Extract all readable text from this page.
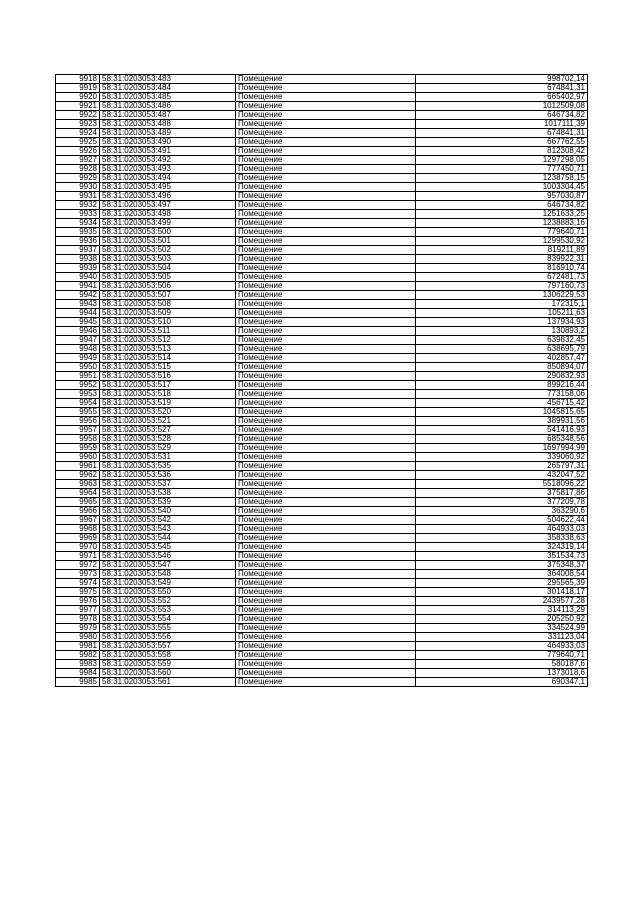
9918	58:31:0203053:483	Помещение	998702,14
9919	58:31:0203053:484	Помещение	674841,31
9920	58:31:0203053:485	Помещение	665402,97
9921	58:31:0203053:486	Помещение	1012509,08
9922	58:31:0203053:487	Помещение	646734,82
9923	58:31:0203053:488	Помещение	1017111,39
9924	58:31:0203053:489	Помещение	674841,31
9925	58:31:0203053:490	Помещение	667762,55
9926	58:31:0203053:491	Помещение	812308,42
9927	58:31:0203053:492	Помещение	1297298,05
9928	58:31:0203053:493	Помещение	777450,71
9929	58:31:0203053:494	Помещение	1238758,15
9930	58:31:0203053:495	Помещение	1003304,45
9931	58:31:0203053:496	Помещение	957030,87
9932	58:31:0203053:497	Помещение	646734,82
9933	58:31:0203053:498	Помещение	1251633,25
9934	58:31:0203053:499	Помещение	1238883,16
9935	58:31:0203053:500	Помещение	779640,71
9936	58:31:0203053:501	Помещение	1299530,92
9937	58:31:0203053:502	Помещение	819211,89
9938	58:31:0203053:503	Помещение	839922,31
9939	58:31:0203053:504	Помещение	816910,74
9940	58:31:0203053:505	Помещение	672481,73
9941	58:31:0203053:506	Помещение	797160,73
9942	58:31:0203053:507	Помещение	1306229,53
9943	58:31:0203053:508	Помещение	172315,1
9944	58:31:0203053:509	Помещение	105211,63
9945	58:31:0203053:510	Помещение	137934,93
9946	58:31:0203053:511	Помещение	130893,2
9947	58:31:0203053:512	Помещение	639832,45
9948	58:31:0203053:513	Помещение	638695,79
9949	58:31:0203053:514	Помещение	402857,47
9950	58:31:0203053:515	Помещение	850894,07
9951	58:31:0203053:516	Помещение	290832,93
9952	58:31:0203053:517	Помещение	899216,44
9953	58:31:0203053:518	Помещение	773158,06
9954	58:31:0203053:519	Помещение	456715,42
9955	58:31:0203053:520	Помещение	1045815,65
9956	58:31:0203053:521	Помещение	389931,56
9957	58:31:0203053:527	Помещение	541416,93
9958	58:31:0203053:528	Помещение	685348,56
9959	58:31:0203053:529	Помещение	1697994,99
9960	58:31:0203053:531	Помещение	339060,92
9961	58:31:0203053:535	Помещение	265797,31
9962	58:31:0203053:536	Помещение	432047,52
9963	58:31:0203053:537	Помещение	5518096,22
9964	58:31:0203053:538	Помещение	375817,86
9965	58:31:0203053:539	Помещение	377209,78
9966	58:31:0203053:540	Помещение	363290,6
9967	58:31:0203053:542	Помещение	504622,44
9968	58:31:0203053:543	Помещение	464933,03
9969	58:31:0203053:544	Помещение	358338,63
9970	58:31:0203053:545	Помещение	324319,14
9971	58:31:0203053:546	Помещение	351534,73
9972	58:31:0203053:547	Помещение	375348,37
9973	58:31:0203053:548	Помещение	364008,54
9974	58:31:0203053:549	Помещение	295565,39
9975	58:31:0203053:550	Помещение	301418,17
9976	58:31:0203053:552	Помещение	2439577,28
9977	58:31:0203053:553	Помещение	314113,29
9978	58:31:0203053:554	Помещение	205250,92
9979	58:31:0203053:555	Помещение	334524,99
9980	58:31:0203053:556	Помещение	331123,04
9981	58:31:0203053:557	Помещение	464933,03
9982	58:31:0203053:558	Помещение	779640,71
9983	58:31:0203053:559	Помещение	580187,6
9984	58:31:0203053:560	Помещение	1373018,6
9985	58:31:0203053:561	Помещение	690347,1
